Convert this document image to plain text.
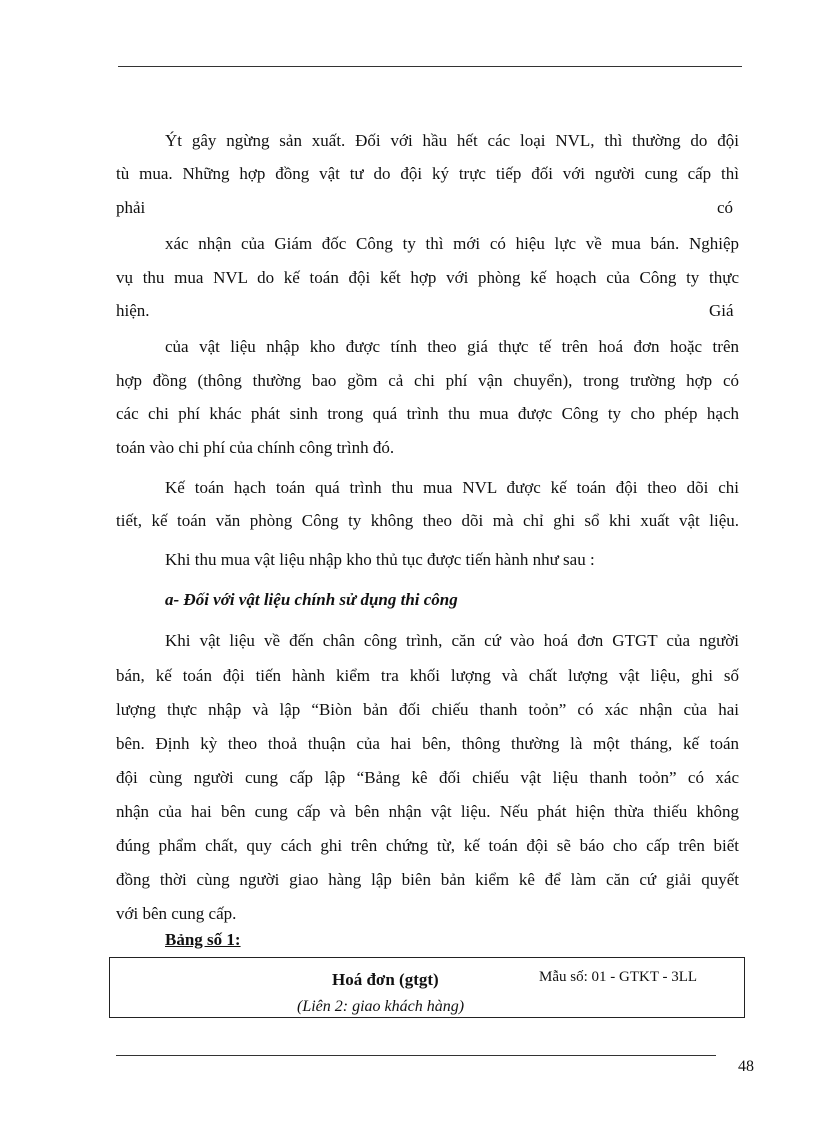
Ýt gây ngừng sản xuất. Đối với hầu hết các loại NVL, thì thường do đội
tù mua. Những hợp đồng vật tư do đội ký trực tiếp đối với người cung cấp thì
phải	có
xác nhận của Giám đốc Công ty thì mới có hiệu lực về mua bán. Nghiệp
vụ thu mua NVL do kế toán đội kết hợp với phòng kế hoạch của Công ty thực
hiện.	Giá
của vật liệu nhập kho được tính theo giá thực tế trên hoá đơn hoặc trên
hợp đồng (thông thường bao gồm cả chi phí vận chuyển), trong trường hợp có
các chi phí khác phát sinh trong quá trình thu mua được Công ty cho phép hạch
toán vào chi phí của chính công trình đó.
Kế toán hạch toán quá trình thu mua NVL được kế toán đội theo dõi chi
tiết, kế toán văn phòng Công ty không theo dõi mà chỉ ghi sổ khi xuất vật liệu.
Khi thu mua vật liệu nhập kho thủ tục được tiến hành như sau :
a- Đối với vật liệu chính sử dụng thi công
Khi vật liệu về đến chân công trình, căn cứ vào hoá đơn GTGT của người
bán, kế toán đội tiến hành kiểm tra khối lượng và chất lượng vật liệu, ghi số
lượng thực nhập và lập “Biòn bản đối chiếu thanh toỏn” có xác nhận của hai
bên. Định kỳ theo thoả thuận của hai bên, thông thường là một tháng, kế toán
đội cùng người cung cấp lập “Bảng kê đối chiếu vật liệu thanh toỏn” có xác
nhận của hai bên cung cấp và bên nhận vật liệu. Nếu phát hiện thừa thiếu không
đúng phẩm chất, quy cách ghi trên chứng từ, kế toán đội sẽ báo cho cấp trên biết
đồng thời cùng người giao hàng lập biên bản kiểm kê để làm căn cứ giải quyết
với bên cung cấp.
Bảng số 1:
Hoá đơn (gtgt)	Mẫu số: 01 - GTKT - 3LL
(Liên 2: giao khách hàng)
48
